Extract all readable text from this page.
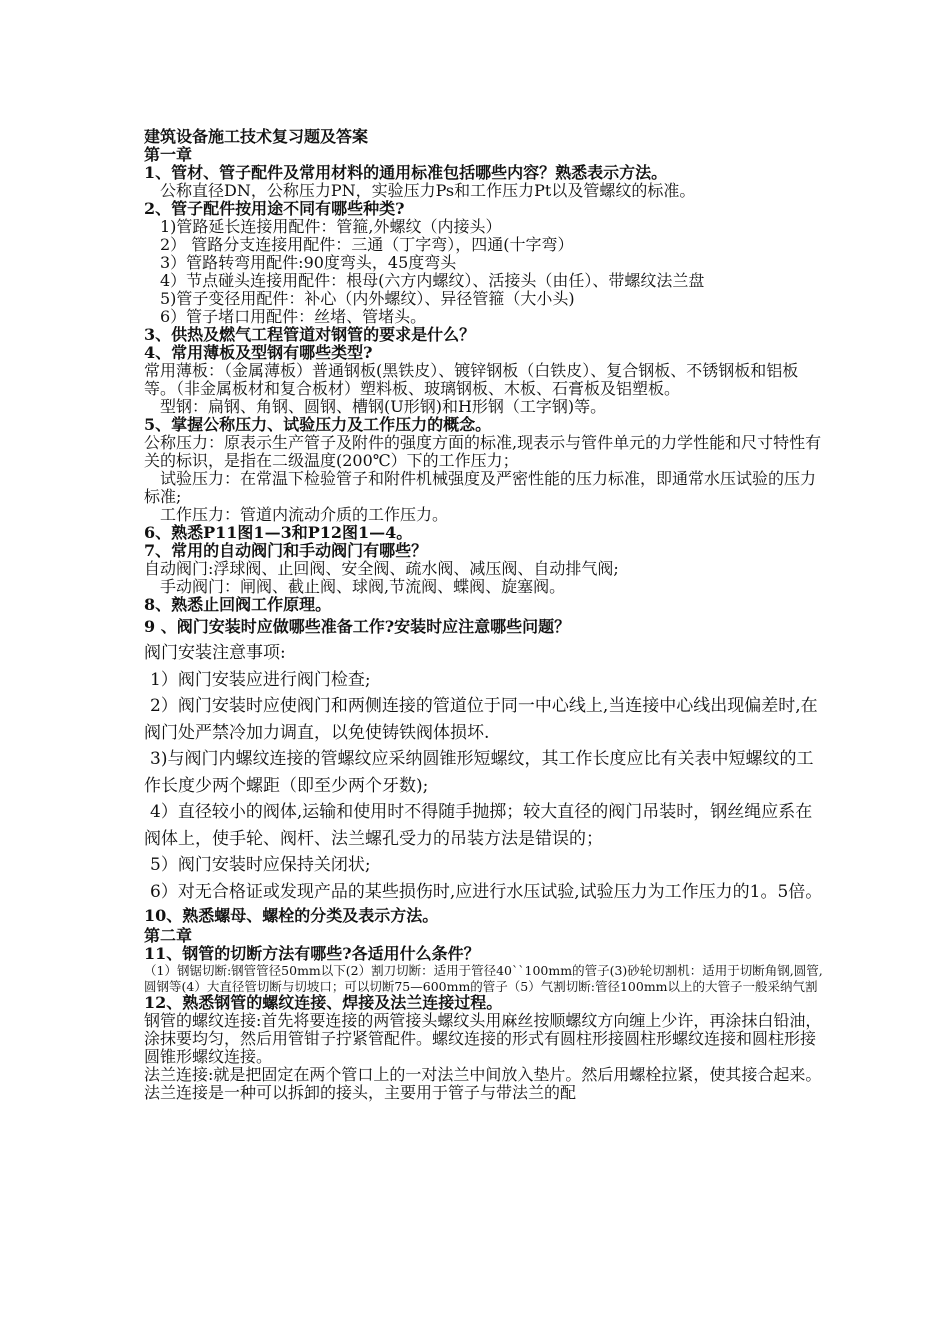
建筑设备施工技术复习题及答案

第一章

1、管材、管子配件及常用材料的通用标准包括哪些内容？熟悉表示方法。

公称直径DN，公称压力PN，实验压力Ps和工作压力Pt以及管螺纹的标准。

2、管子配件按用途不同有哪些种类?

1)管路延长连接用配件：管箍,外螺纹（内接头）

2） 管路分支连接用配件：三通（丁字弯），四通(十字弯）

3）管路转弯用配件:90度弯头，45度弯头

4）节点碰头连接用配件：根母(六方内螺纹）、活接头（由任）、带螺纹法兰盘

5)管子变径用配件：补心（内外螺纹）、异径管箍（大小头)

6）管子堵口用配件：丝堵、管堵头。

3、供热及燃气工程管道对钢管的要求是什么？

4、常用薄板及型钢有哪些类型?

常用薄板：（金属薄板）普通钢板(黑铁皮）、镀锌钢板（白铁皮）、复合钢板、不锈钢板和铝板等。（非金属板材和复合板材）塑料板、玻璃钢板、木板、石膏板及铝塑板。

型钢：扁钢、角钢、圆钢、槽钢(U形钢)和H形钢（工字钢)等。

5、掌握公称压力、试验压力及工作压力的概念。

公称压力：原表示生产管子及附件的强度方面的标准,现表示与管件单元的力学性能和尺寸特性有关的标识，是指在二级温度(200℃）下的工作压力；

试验压力：在常温下检验管子和附件机械强度及严密性能的压力标准，即通常水压试验的压力标准;

工作压力：管道内流动介质的工作压力。

6、熟悉P11图1—3和P12图1—4。

7、常用的自动阀门和手动阀门有哪些？

自动阀门:浮球阀、止回阀、安全阀、疏水阀、减压阀、自动排气阀;

手动阀门：闸阀、截止阀、球阀,节流阀、蝶阀、旋塞阀。

8、熟悉止回阀工作原理。

9 、阀门安装时应做哪些准备工作?安装时应注意哪些问题？

阀门安装注意事项:

1）阀门安装应进行阀门检查;

2）阀门安装时应使阀门和两侧连接的管道位于同一中心线上,当连接中心线出现偏差时,在阀门处严禁冷加力调直，以免使铸铁阀体损坏.

3)与阀门内螺纹连接的管螺纹应采纳圆锥形短螺纹，其工作长度应比有关表中短螺纹的工作长度少两个螺距（即至少两个牙数);

4）直径较小的阀体,运输和使用时不得随手抛掷；较大直径的阀门吊装时，钢丝绳应系在阀体上，使手轮、阀杆、法兰螺孔受力的吊装方法是错误的；

5）阀门安装时应保持关闭状;

6）对无合格证或发现产品的某些损伤时,应进行水压试验,试验压力为工作压力的1。5倍。

10、熟悉螺母、螺栓的分类及表示方法。

第二章

11、钢管的切断方法有哪些?各适用什么条件？

（1）钢锯切断:钢管管径50mm以下(2）割刀切断：适用于管径40``100mm的管子(3)砂轮切割机：适用于切断角钢,圆管,圆钢等(4）大直径管切断与切坡口；可以切断75—600mm的管子（5）气割切断:管径100mm以上的大管子一般采纳气割

12、熟悉钢管的螺纹连接、焊接及法兰连接过程。

钢管的螺纹连接:首先将要连接的两管接头螺纹头用麻丝按顺螺纹方向缠上少许，再涂抹白铅油，涂抹要均匀，然后用管钳子拧紧管配件。螺纹连接的形式有圆柱形接圆柱形螺纹连接和圆柱形接圆锥形螺纹连接。

法兰连接:就是把固定在两个管口上的一对法兰中间放入垫片。然后用螺栓拉紧，使其接合起来。法兰连接是一种可以拆卸的接头，主要用于管子与带法兰的配
